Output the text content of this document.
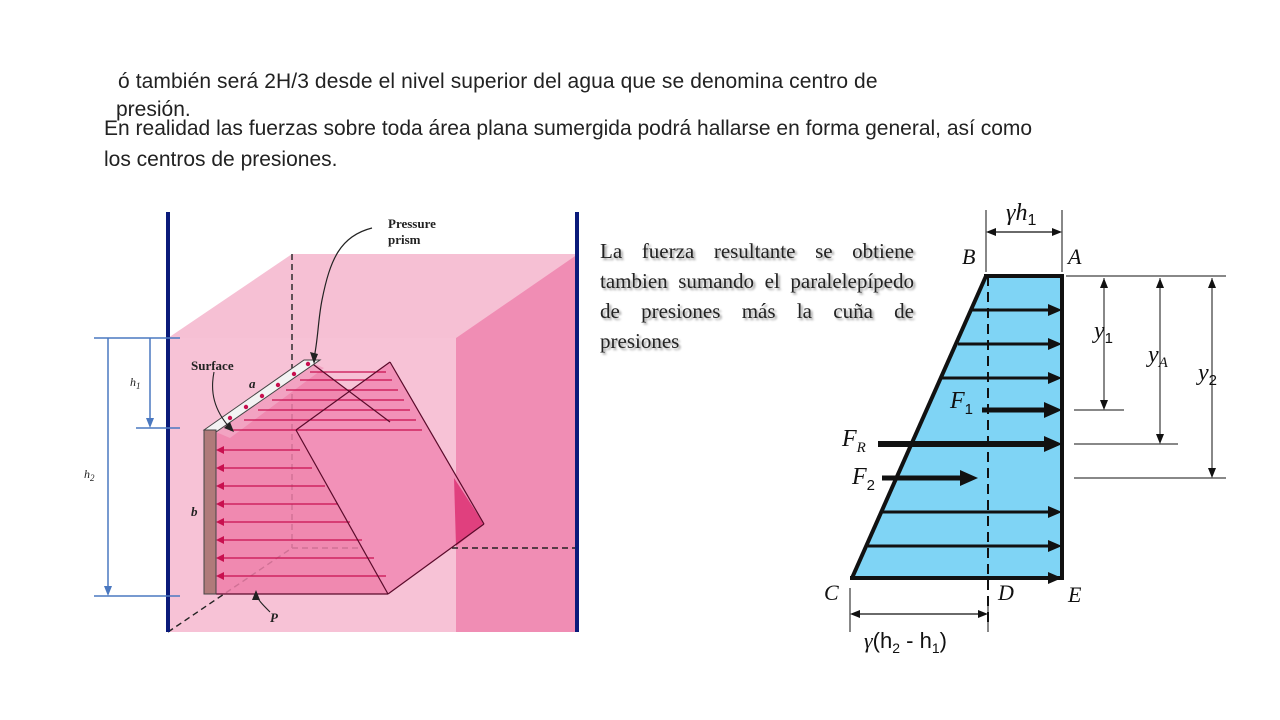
ó también será 2H/3 desde el nivel superior del agua que se denomina centro de
presión.
En realidad las fuerzas sobre toda área plana sumergida podrá hallarse en forma general, así como los centros de presiones.
La fuerza resultante se obtiene tambien sumando el paralelepípedo de presiones más la cuña de presiones
Pressure
prism
Surface
a
b
P
$h_1$
$h_2$
$\gamma h_1$
B	A
C	D E
$y_1$
$y_A$ $y_2$
$F_1$
$F_R$
$F_2$
$\gamma(h_2 - h_1)$
